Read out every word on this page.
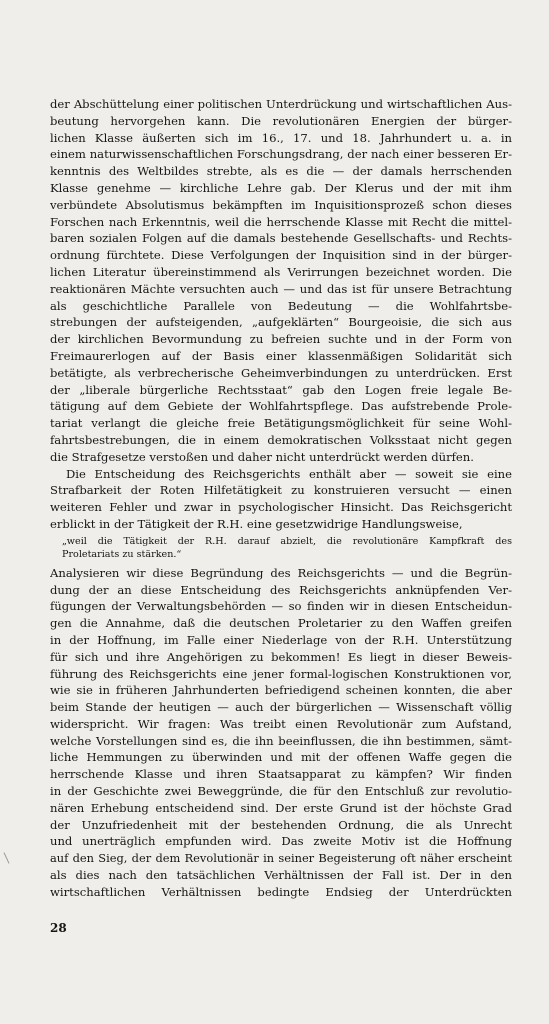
der Abschüttelung einer politischen Unterdrückung und wirtschaftlichen Aus-
beutung hervorgehen kann. Die revolutionären Energien der bürger-
lichen Klasse äußerten sich im 16., 17. und 18. Jahrhundert u. a. in
einem naturwissenschaftlichen Forschungsdrang, der nach einer besseren Er-
kenntnis des Weltbildes strebte, als es die — der damals herrschenden
Klasse genehme — kirchliche Lehre gab. Der Klerus und der mit ihm
verbündete Absolutismus bekämpften im Inquisitionsprozeß schon dieses
Forschen nach Erkenntnis, weil die herrschende Klasse mit Recht die mittel-
baren sozialen Folgen auf die damals bestehende Gesellschafts- und Rechts-
ordnung fürchtete. Diese Verfolgungen der Inquisition sind in der bürger-
lichen Literatur übereinstimmend als Verirrungen bezeichnet worden. Die
reaktionären Mächte versuchten auch — und das ist für unsere Betrachtung
als geschichtliche Parallele von Bedeutung — die Wohlfahrtsbe-
strebungen der aufsteigenden, „aufgeklärten“ Bourgeoisie, die sich aus
der kirchlichen Bevormundung zu befreien suchte und in der Form von
Freimaurerlogen auf der Basis einer klassenmäßigen Solidarität sich
betätigte, als verbrecherische Geheimverbindungen zu unterdrücken. Erst
der „liberale bürgerliche Rechtsstaat“ gab den Logen freie legale Be-
tätigung auf dem Gebiete der Wohlfahrtspflege. Das aufstrebende Prole-
tariat verlangt die gleiche freie Betätigungsmöglichkeit für seine Wohl-
fahrtsbestrebungen, die in einem demokratischen Volksstaat nicht gegen
die Strafgesetze verstoßen und daher nicht unterdrückt werden dürfen.
Die Entscheidung des Reichsgerichts enthält aber — soweit sie eine
Strafbarkeit der Roten Hilfetätigkeit zu konstruieren versucht — einen
weiteren Fehler und zwar in psychologischer Hinsicht. Das Reichsgericht
erblickt in der Tätigkeit der R.H. eine gesetzwidrige Handlungsweise,
„weil die Tätigkeit der R.H. darauf abzielt, die revolutionäre Kampfkraft des
Proletariats zu stärken.“
Analysieren wir diese Begründung des Reichsgerichts — und die Begrün-
dung der an diese Entscheidung des Reichsgerichts anknüpfenden Ver-
fügungen der Verwaltungsbehörden — so finden wir in diesen Entscheidun-
gen die Annahme, daß die deutschen Proletarier zu den Waffen greifen
in der Hoffnung, im Falle einer Niederlage von der R.H. Unterstützung
für sich und ihre Angehörigen zu bekommen! Es liegt in dieser Beweis-
führung des Reichsgerichts eine jener formal-logischen Konstruktionen vor,
wie sie in früheren Jahrhunderten befriedigend scheinen konnten, die aber
beim Stande der heutigen — auch der bürgerlichen — Wissenschaft völlig
widerspricht. Wir fragen: Was treibt einen Revolutionär zum Aufstand,
welche Vorstellungen sind es, die ihn beeinflussen, die ihn bestimmen, sämt-
liche Hemmungen zu überwinden und mit der offenen Waffe gegen die
herrschende Klasse und ihren Staatsapparat zu kämpfen? Wir finden
in der Geschichte zwei Beweggründe, die für den Entschluß zur revolutio-
nären Erhebung entscheidend sind. Der erste Grund ist der höchste Grad
der Unzufriedenheit mit der bestehenden Ordnung, die als Unrecht
und unerträglich empfunden wird. Das zweite Motiv ist die Hoffnung
auf den Sieg, der dem Revolutionär in seiner Begeisterung oft näher erscheint
als dies nach den tatsächlichen Verhältnissen der Fall ist. Der in den
wirtschaftlichen Verhältnissen bedingte Endsieg der Unterdrückten
28
